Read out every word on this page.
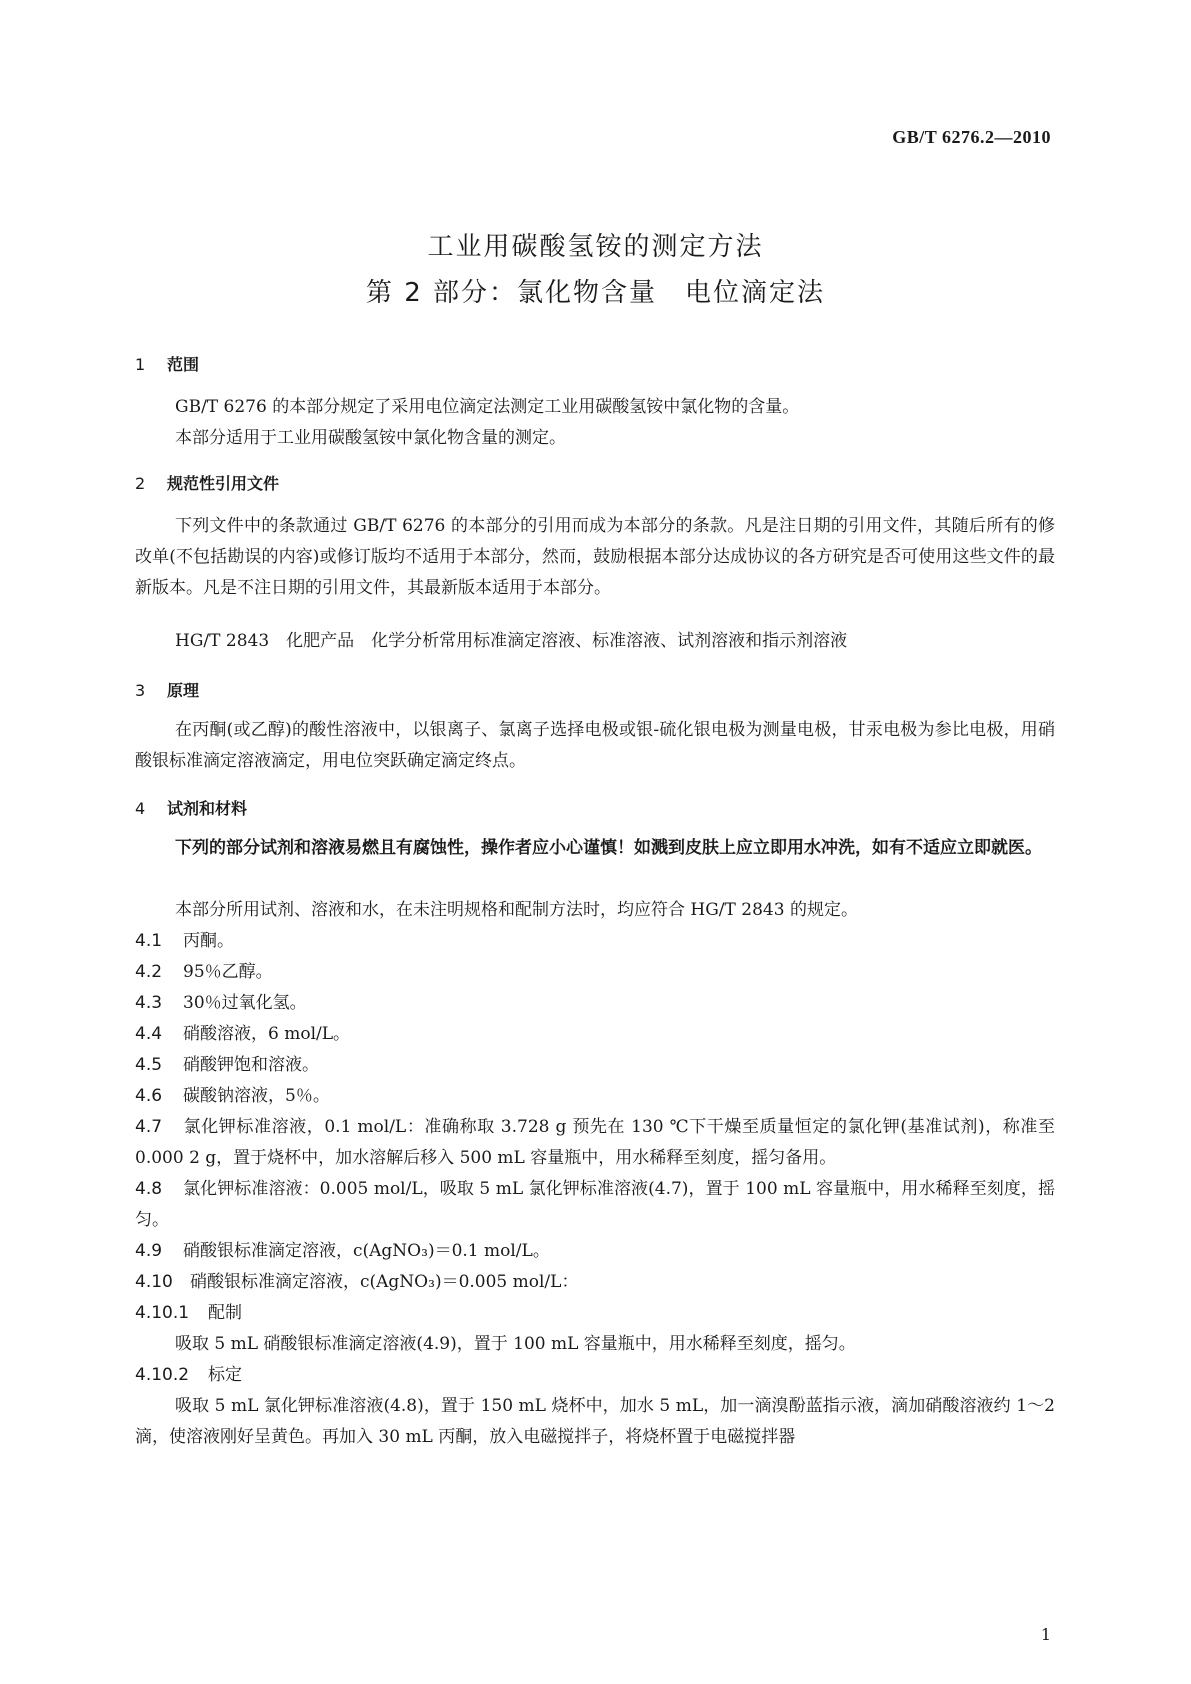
GB/T 6276.2—2010
工业用碳酸氢铵的测定方法
第 2 部分：氯化物含量　电位滴定法
1 范围
GB/T 6276 的本部分规定了采用电位滴定法测定工业用碳酸氢铵中氯化物的含量。
本部分适用于工业用碳酸氢铵中氯化物含量的测定。
2 规范性引用文件
下列文件中的条款通过 GB/T 6276 的本部分的引用而成为本部分的条款。凡是注日期的引用文件，其随后所有的修改单(不包括勘误的内容)或修订版均不适用于本部分，然而，鼓励根据本部分达成协议的各方研究是否可使用这些文件的最新版本。凡是不注日期的引用文件，其最新版本适用于本部分。
HG/T 2843　化肥产品　化学分析常用标准滴定溶液、标准溶液、试剂溶液和指示剂溶液
3 原理
在丙酮(或乙醇)的酸性溶液中，以银离子、氯离子选择电极或银-硫化银电极为测量电极，甘汞电极为参比电极，用硝酸银标准滴定溶液滴定，用电位突跃确定滴定终点。
4 试剂和材料
下列的部分试剂和溶液易燃且有腐蚀性，操作者应小心谨慎！如溅到皮肤上应立即用水冲洗，如有不适应立即就医。
本部分所用试剂、溶液和水，在未注明规格和配制方法时，均应符合 HG/T 2843 的规定。
4.1 丙酮。
4.2 95％乙醇。
4.3 30％过氧化氢。
4.4 硝酸溶液，6 mol/L。
4.5 硝酸钾饱和溶液。
4.6 碳酸钠溶液，5％。
4.7 氯化钾标准溶液，0.1 mol/L：准确称取 3.728 g 预先在 130 ℃下干燥至质量恒定的氯化钾(基准试剂)，称准至 0.000 2 g，置于烧杯中，加水溶解后移入 500 mL 容量瓶中，用水稀释至刻度，摇匀备用。
4.8 氯化钾标准溶液：0.005 mol/L，吸取 5 mL 氯化钾标准溶液(4.7)，置于 100 mL 容量瓶中，用水稀释至刻度，摇匀。
4.9 硝酸银标准滴定溶液，c(AgNO₃)＝0.1 mol/L。
4.10 硝酸银标准滴定溶液，c(AgNO₃)＝0.005 mol/L：
4.10.1 配制
吸取 5 mL 硝酸银标准滴定溶液(4.9)，置于 100 mL 容量瓶中，用水稀释至刻度，摇匀。
4.10.2 标定
吸取 5 mL 氯化钾标准溶液(4.8)，置于 150 mL 烧杯中，加水 5 mL，加一滴溴酚蓝指示液，滴加硝酸溶液约 1～2 滴，使溶液刚好呈黄色。再加入 30 mL 丙酮，放入电磁搅拌子，将烧杯置于电磁搅拌器
1
